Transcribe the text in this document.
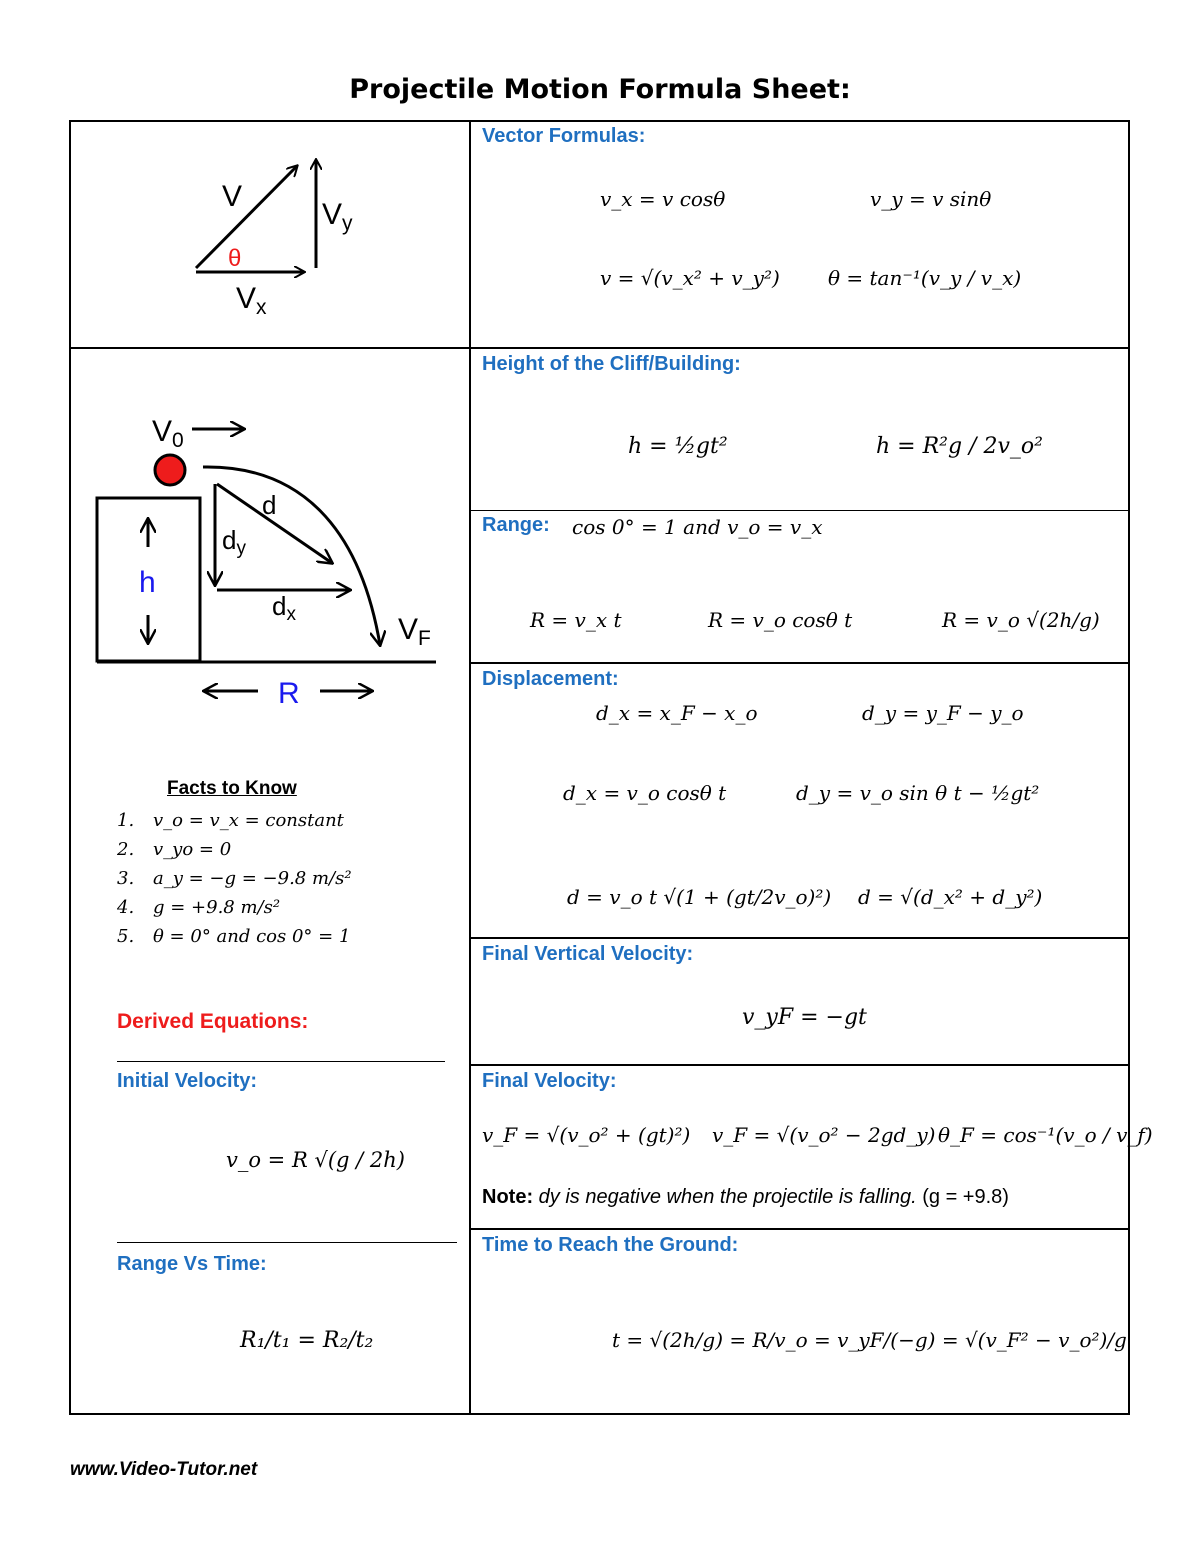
Projectile Motion Formula Sheet:
V
$V_y$
θ
$V_x$
$V_0$
h
d
dy
dx	$V_F$
R
Facts to Know
1. v_o = v_x = constant
2. v_yo = 0
3. a_y = −g = −9.8 m/s²
4. g = +9.8 m/s²
5. θ = 0° and cos 0° = 1
Derived Equations:
Initial Velocity:
v_o = R √(g / 2h)
Range Vs Time:
R₁/t₁ = R₂/t₂
Vector Formulas:
v_x = v cosθ	v_y = v sinθ
v = √(v_x² + v_y²) θ = tan⁻¹(v_y / v_x)
Height of the Cliff/Building:
h = ½gt²	h = R²g / 2v_o²
Range: cos 0° = 1 and v_o = v_x
R = v_x t	R = v_o cosθ t	R = v_o √(2h/g)
Displacement:
d_x = x_F − x_o	d_y = y_F − y_o
d_x = v_o cosθ t	d_y = v_o sin θ t − ½gt²
d = v_o t √(1 + (gt/2v_o)²) d = √(d_x² + d_y²)
Final Vertical Velocity:
v_yF = −gt
Final Velocity:
v_F = √(v_o² + (gt)²) v_F = √(v_o² − 2gd_y) θ_F = cos⁻¹(v_o / v_f)
Note: dy is negative when the projectile is falling. (g = +9.8)
Time to Reach the Ground:
t = √(2h/g) = R/v_o = v_yF/(−g) = √(v_F² − v_o²)/g
www.Video-Tutor.net
